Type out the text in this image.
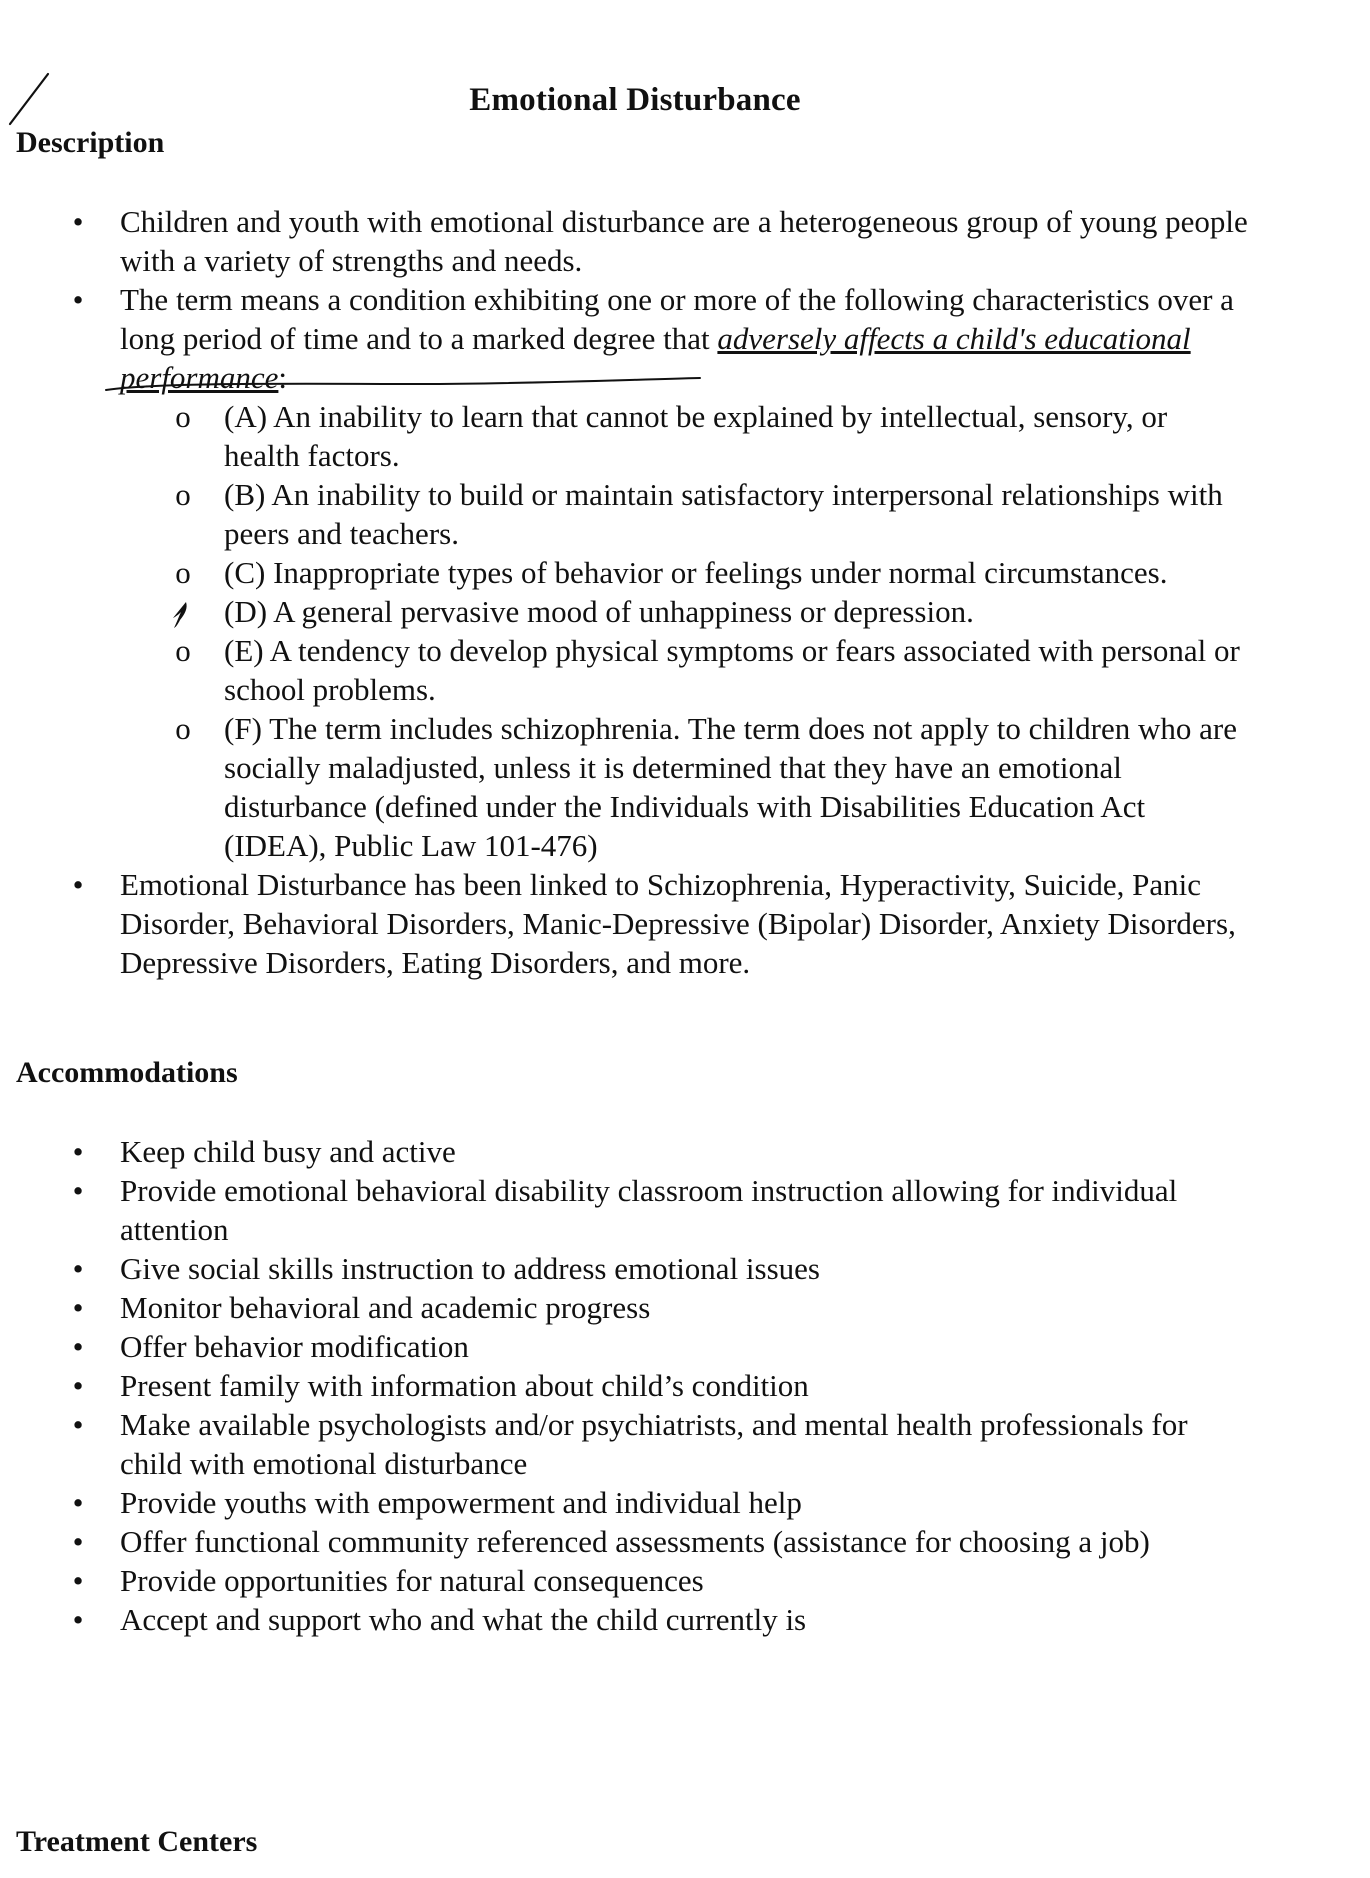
Emotional Disturbance
Description
• Children and youth with emotional disturbance are a heterogeneous group of young people with a variety of strengths and needs.
• The term means a condition exhibiting one or more of the following characteristics over a long period of time and to a marked degree that adversely affects a child's educational performance:
o (A) An inability to learn that cannot be explained by intellectual, sensory, or health factors.
o (B) An inability to build or maintain satisfactory interpersonal relationships with peers and teachers.
o (C) Inappropriate types of behavior or feelings under normal circumstances.
(D) A general pervasive mood of unhappiness or depression.
o (E) A tendency to develop physical symptoms or fears associated with personal or school problems.
o (F) The term includes schizophrenia. The term does not apply to children who are socially maladjusted, unless it is determined that they have an emotional disturbance (defined under the Individuals with Disabilities Education Act (IDEA), Public Law 101-476)
• Emotional Disturbance has been linked to Schizophrenia, Hyperactivity, Suicide, Panic Disorder, Behavioral Disorders, Manic-Depressive (Bipolar) Disorder, Anxiety Disorders, Depressive Disorders, Eating Disorders, and more.
Accommodations
• Keep child busy and active
• Provide emotional behavioral disability classroom instruction allowing for individual attention
• Give social skills instruction to address emotional issues
• Monitor behavioral and academic progress
• Offer behavior modification
• Present family with information about child’s condition
• Make available psychologists and/or psychiatrists, and mental health professionals for child with emotional disturbance
• Provide youths with empowerment and individual help
• Offer functional community referenced assessments (assistance for choosing a job)
• Provide opportunities for natural consequences
• Accept and support who and what the child currently is
Treatment Centers
